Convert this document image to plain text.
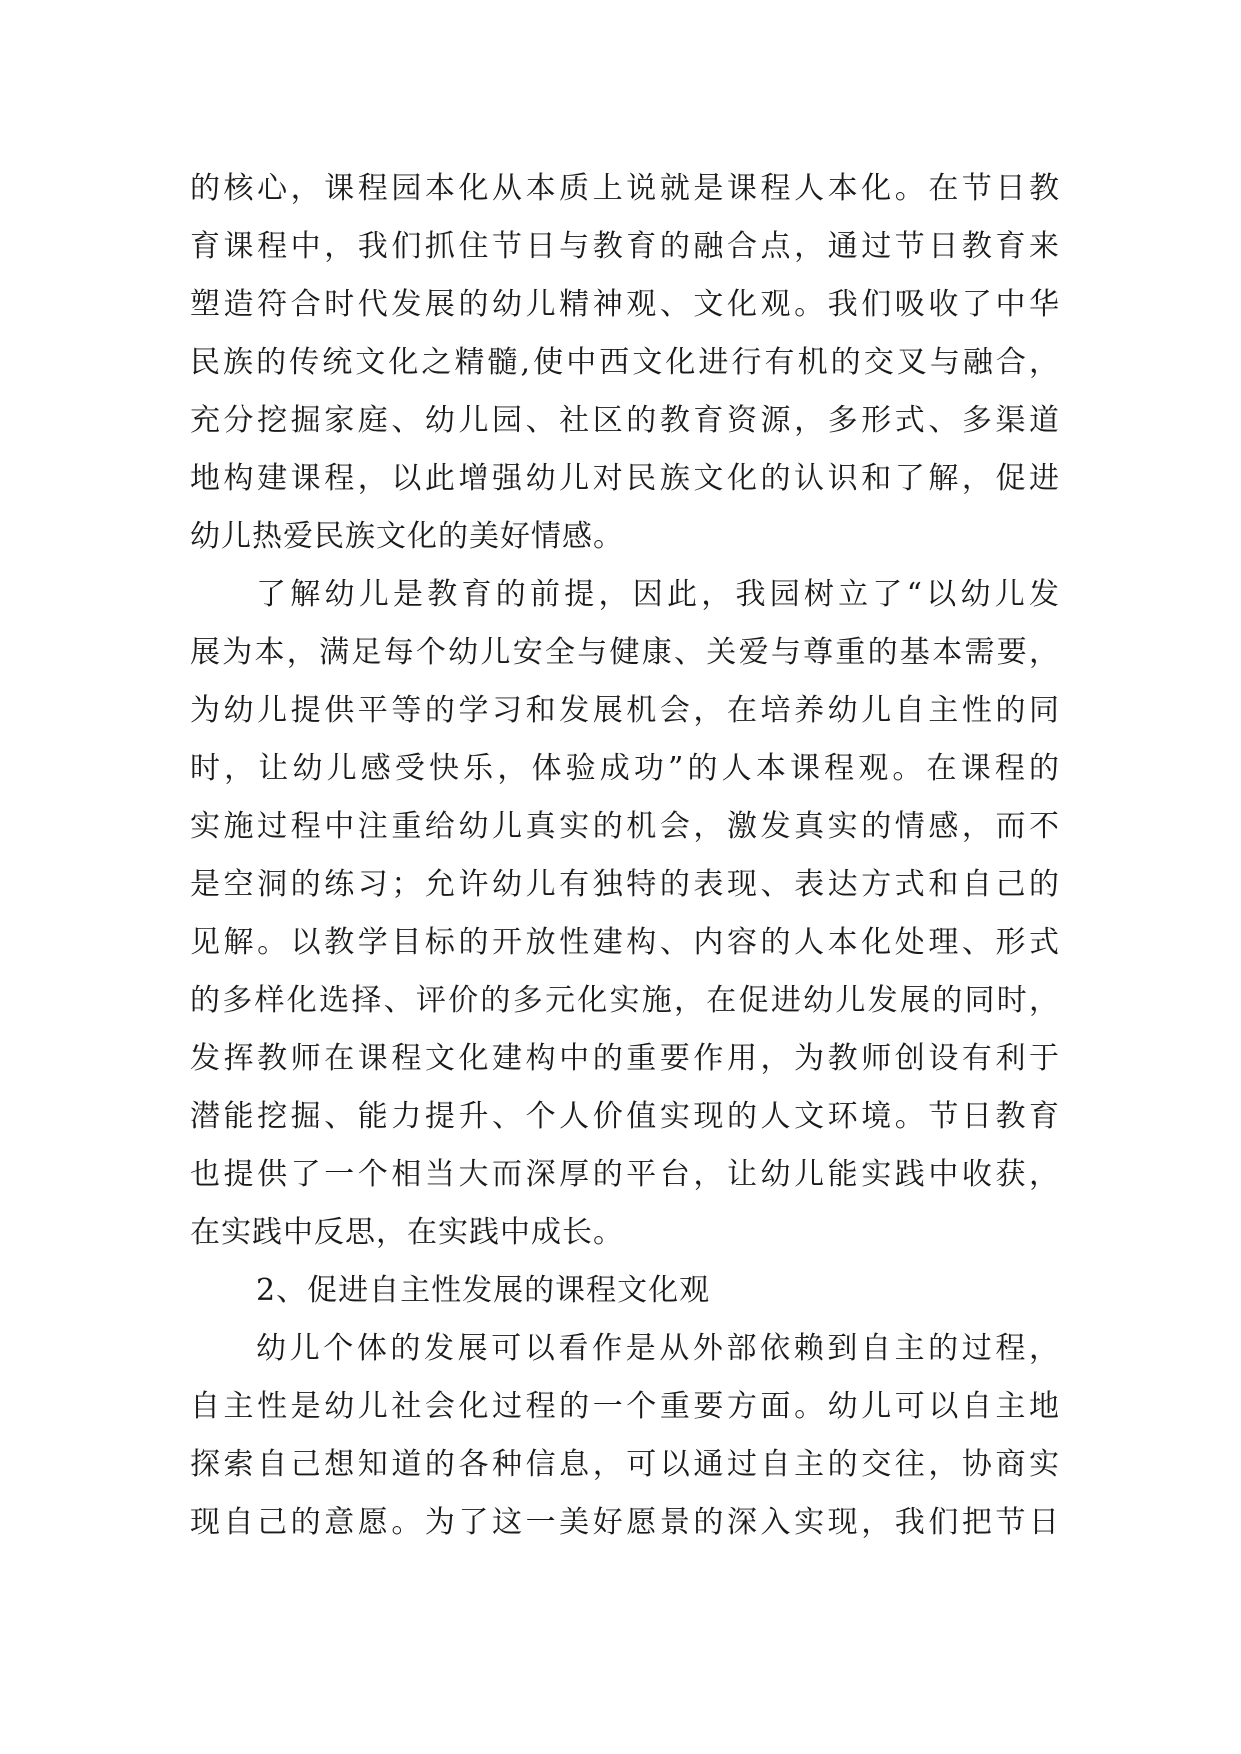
的核心，课程园本化从本质上说就是课程人本化。在节日教
育课程中，我们抓住节日与教育的融合点，通过节日教育来
塑造符合时代发展的幼儿精神观、文化观。我们吸收了中华
民族的传统文化之精髓,使中西文化进行有机的交叉与融合，
充分挖掘家庭、幼儿园、社区的教育资源，多形式、多渠道
地构建课程，以此增强幼儿对民族文化的认识和了解，促进
幼儿热爱民族文化的美好情感。
了解幼儿是教育的前提，因此，我园树立了“以幼儿发
展为本，满足每个幼儿安全与健康、关爱与尊重的基本需要，
为幼儿提供平等的学习和发展机会，在培养幼儿自主性的同
时，让幼儿感受快乐，体验成功”的人本课程观。在课程的
实施过程中注重给幼儿真实的机会，激发真实的情感，而不
是空洞的练习；允许幼儿有独特的表现、表达方式和自己的
见解。以教学目标的开放性建构、内容的人本化处理、形式
的多样化选择、评价的多元化实施，在促进幼儿发展的同时，
发挥教师在课程文化建构中的重要作用，为教师创设有利于
潜能挖掘、能力提升、个人价值实现的人文环境。节日教育
也提供了一个相当大而深厚的平台，让幼儿能实践中收获，
在实践中反思，在实践中成长。
2、促进自主性发展的课程文化观
幼儿个体的发展可以看作是从外部依赖到自主的过程，
自主性是幼儿社会化过程的一个重要方面。幼儿可以自主地
探索自己想知道的各种信息，可以通过自主的交往，协商实
现自己的意愿。为了这一美好愿景的深入实现，我们把节日
